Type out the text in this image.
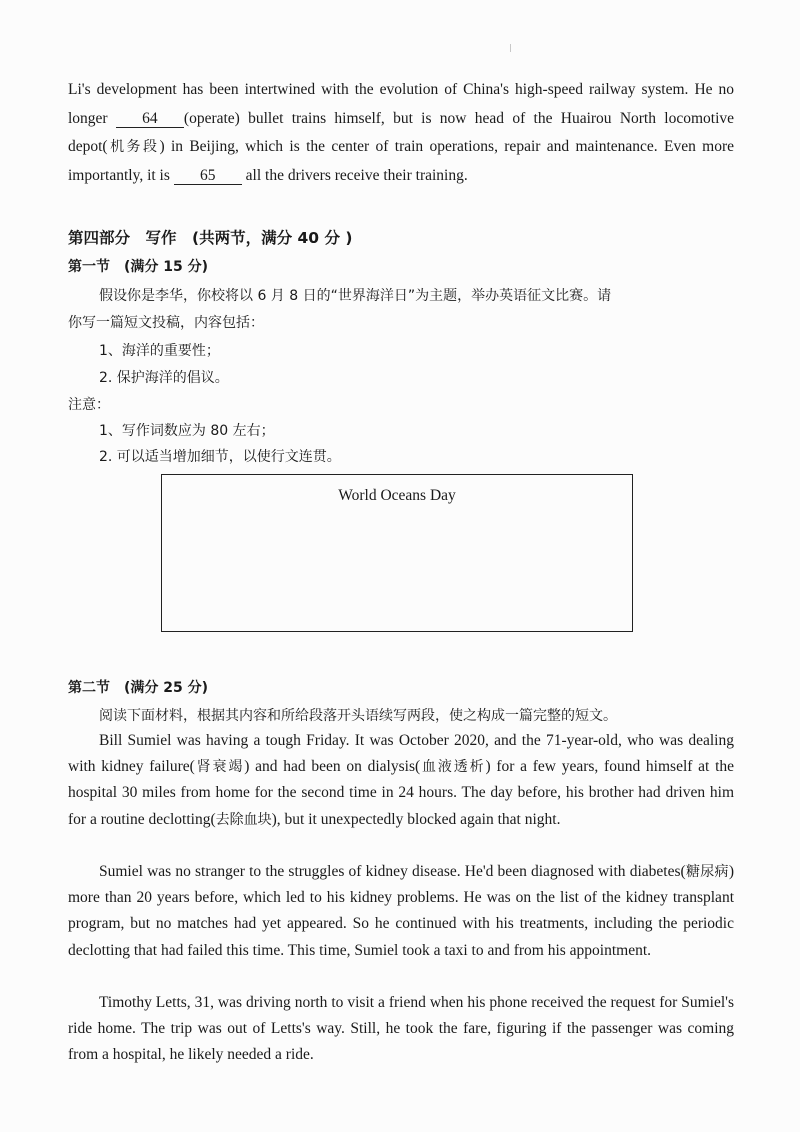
Li's development has been intertwined with the evolution of China's high-speed railway system. He no longer 64 (operate) bullet trains himself, but is now head of the Huairou North locomotive depot(机务段) in Beijing, which is the center of train operations, repair and maintenance. Even more importantly, it is 65 all the drivers receive their training.

第四部分　写作　(共两节，满分 40 分 )
第一节　(满分 15 分)
假设你是李华，你校将以 6 月 8 日的“世界海洋日”为主题，举办英语征文比赛。请
你写一篇短文投稿，内容包括：
1、海洋的重要性；
2. 保护海洋的倡议。
注意：
1、写作词数应为 80 左右；
2. 可以适当增加细节，以使行文连贯。
World Oceans Day
第二节　(满分 25 分)
阅读下面材料，根据其内容和所给段落开头语续写两段，使之构成一篇完整的短文。

Bill Sumiel was having a tough Friday. It was October 2020, and the 71-year-old, who was dealing with kidney failure(肾衰竭) and had been on dialysis(血液透析) for a few years, found himself at the hospital 30 miles from home for the second time in 24 hours. The day before, his brother had driven him for a routine declotting(去除血块), but it unexpectedly blocked again that night.

Sumiel was no stranger to the struggles of kidney disease. He'd been diagnosed with diabetes(糖尿病) more than 20 years before, which led to his kidney problems. He was on the list of the kidney transplant program, but no matches had yet appeared. So he continued with his treatments, including the periodic declotting that had failed this time. This time, Sumiel took a taxi to and from his appointment.

Timothy Letts, 31, was driving north to visit a friend when his phone received the request for Sumiel's ride home. The trip was out of Letts's way. Still, he took the fare, figuring if the passenger was coming from a hospital, he likely needed a ride.
